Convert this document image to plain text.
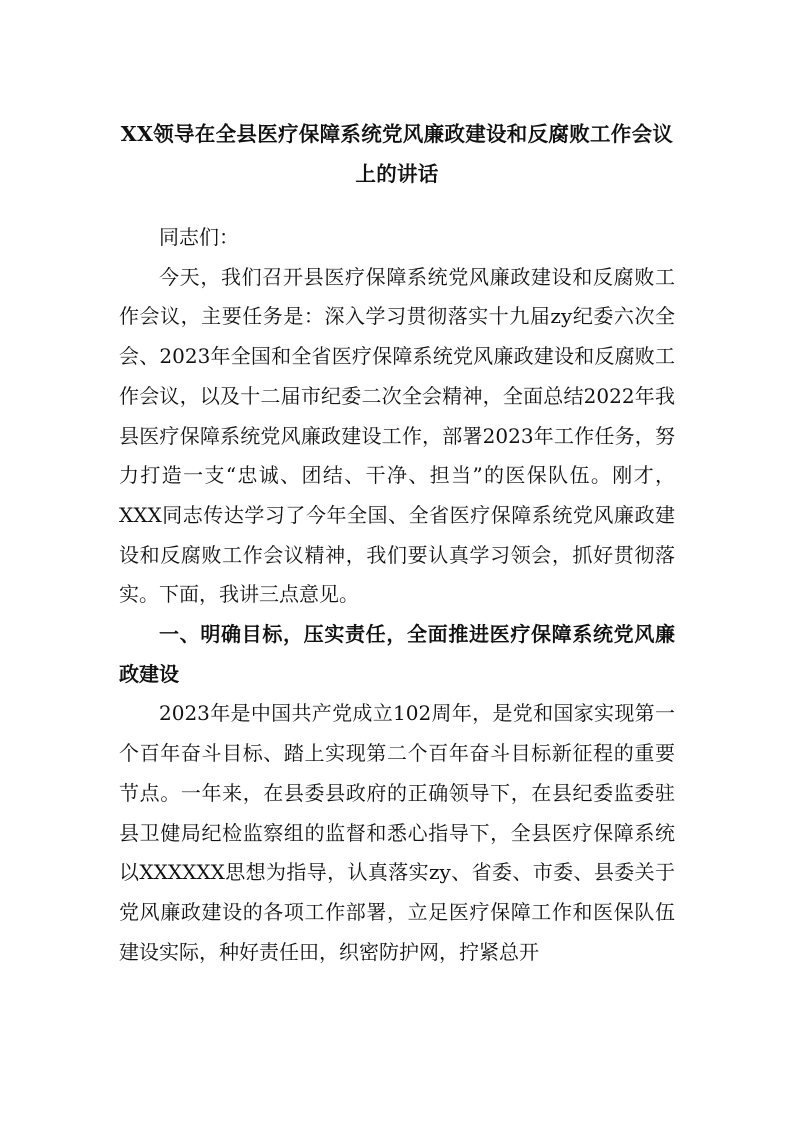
XX领导在全县医疗保障系统党风廉政建设和反腐败工作会议上的讲话

同志们：

今天，我们召开县医疗保障系统党风廉政建设和反腐败工作会议，主要任务是：深入学习贯彻落实十九届zy纪委六次全会、2023年全国和全省医疗保障系统党风廉政建设和反腐败工作会议，以及十二届市纪委二次全会精神，全面总结2022年我县医疗保障系统党风廉政建设工作，部署2023年工作任务，努力打造一支“忠诚、团结、干净、担当”的医保队伍。刚才，XXX同志传达学习了今年全国、全省医疗保障系统党风廉政建设和反腐败工作会议精神，我们要认真学习领会，抓好贯彻落实。下面，我讲三点意见。

一、明确目标，压实责任，全面推进医疗保障系统党风廉政建设

2023年是中国共产党成立102周年，是党和国家实现第一个百年奋斗目标、踏上实现第二个百年奋斗目标新征程的重要节点。一年来，在县委县政府的正确领导下，在县纪委监委驻县卫健局纪检监察组的监督和悉心指导下，全县医疗保障系统以XXXXXX思想为指导，认真落实zy、省委、市委、县委关于党风廉政建设的各项工作部署，立足医疗保障工作和医保队伍建设实际，种好责任田，织密防护网，拧紧总开
